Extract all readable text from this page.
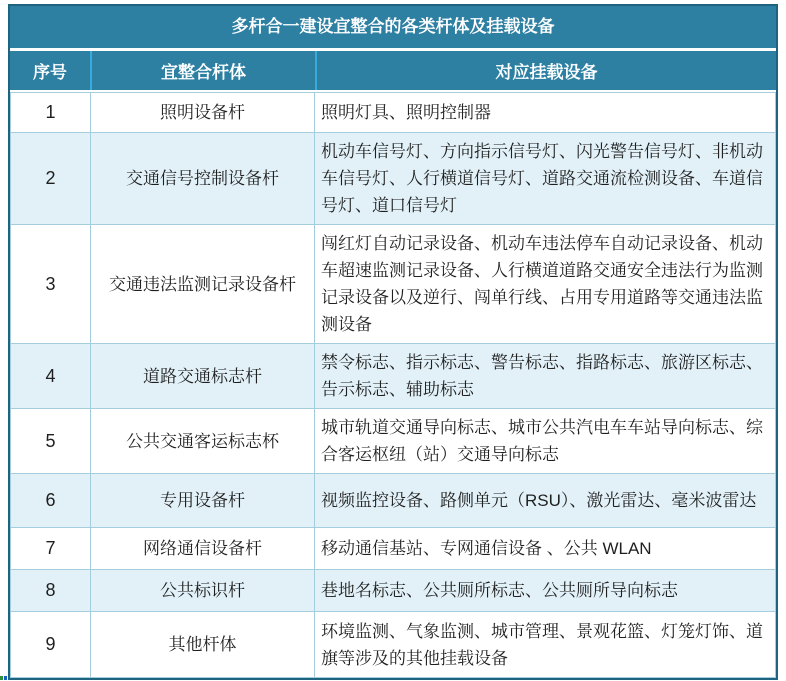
多杆合一建设宜整合的各类杆体及挂载设备
序号	宜整合杆体	对应挂载设备
1	照明设备杆	照明灯具、照明控制器
2	交通信号控制设备杆	机动车信号灯、方向指示信号灯、闪光警告信号灯、非机动车信号灯、人行横道信号灯、道路交通流检测设备、车道信号灯、道口信号灯
3	交通违法监测记录设备杆	闯红灯自动记录设备、机动车违法停车自动记录设备、机动车超速监测记录设备、人行横道道路交通安全违法行为监测记录设备以及逆行、闯单行线、占用专用道路等交通违法监测设备
4	道路交通标志杆	禁令标志、指示标志、警告标志、指路标志、旅游区标志、告示标志、辅助标志
5	公共交通客运标志杯	城市轨道交通导向标志、城市公共汽电车车站导向标志、综合客运枢纽（站）交通导向标志
6	专用设备杆	视频监控设备、路侧单元（RSU）、激光雷达、毫米波雷达
7	网络通信设备杆	移动通信基站、专网通信设备 、公共 WLAN
8	公共标识杆	巷地名标志、公共厕所标志、公共厕所导向标志
9	其他杆体	环境监测、气象监测、城市管理、景观花篮、灯笼灯饰、道旗等涉及的其他挂载设备
